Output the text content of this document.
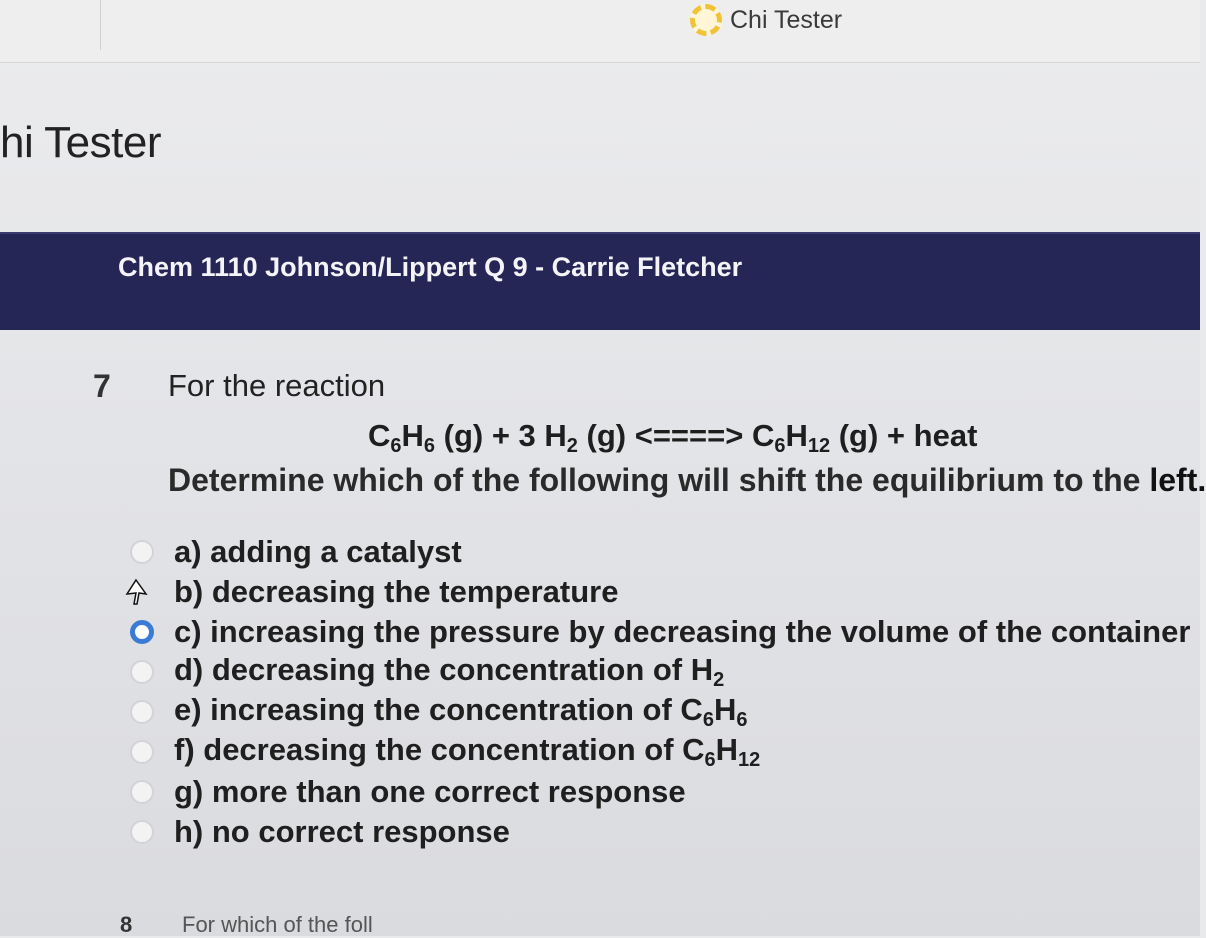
Chi Tester
hi Tester
Chem 1110 Johnson/Lippert Q 9 - Carrie Fletcher
7 For the reaction
$C_6H_6$ (g) + 3 $H_2$ (g) <====> $C_6H_{12}$ (g) + heat
Determine which of the following will shift the equilibrium to the left.
a) adding a catalyst
b) decreasing the temperature
c) increasing the pressure by decreasing the volume of the container
d) decreasing the concentration of $H_2$
e) increasing the concentration of $C_6H_6$
f) decreasing the concentration of $C_6H_{12}$
g) more than one correct response
h) no correct response
8 For which of the foll
